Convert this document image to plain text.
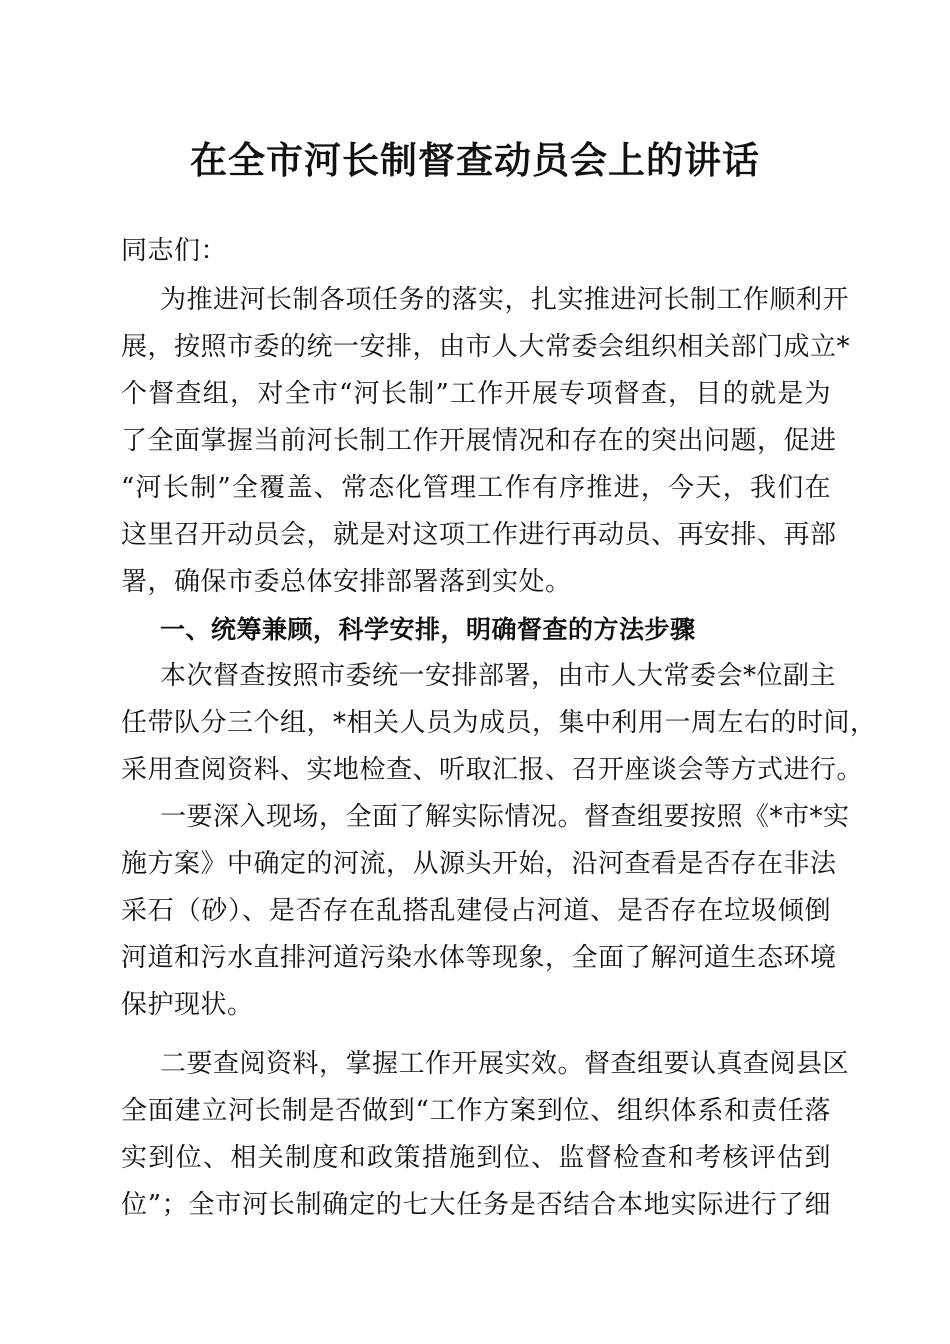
在全市河长制督查动员会上的讲话
同志们：
为推进河长制各项任务的落实，扎实推进河长制工作顺利开
展，按照市委的统一安排，由市人大常委会组织相关部门成立*
个督查组，对全市“河长制”工作开展专项督查，目的就是为
了全面掌握当前河长制工作开展情况和存在的突出问题，促进
“河长制”全覆盖、常态化管理工作有序推进，今天，我们在
这里召开动员会，就是对这项工作进行再动员、再安排、再部
署，确保市委总体安排部署落到实处。
一、统筹兼顾，科学安排，明确督查的方法步骤
本次督查按照市委统一安排部署，由市人大常委会*位副主
任带队分三个组，*相关人员为成员，集中利用一周左右的时间，
采用查阅资料、实地检查、听取汇报、召开座谈会等方式进行。
一要深入现场，全面了解实际情况。督查组要按照《*市*实
施方案》中确定的河流，从源头开始，沿河查看是否存在非法
采石（砂）、是否存在乱搭乱建侵占河道、是否存在垃圾倾倒
河道和污水直排河道污染水体等现象，全面了解河道生态环境
保护现状。
二要查阅资料，掌握工作开展实效。督查组要认真查阅县区
全面建立河长制是否做到“工作方案到位、组织体系和责任落
实到位、相关制度和政策措施到位、监督检查和考核评估到
位”；全市河长制确定的七大任务是否结合本地实际进行了细
